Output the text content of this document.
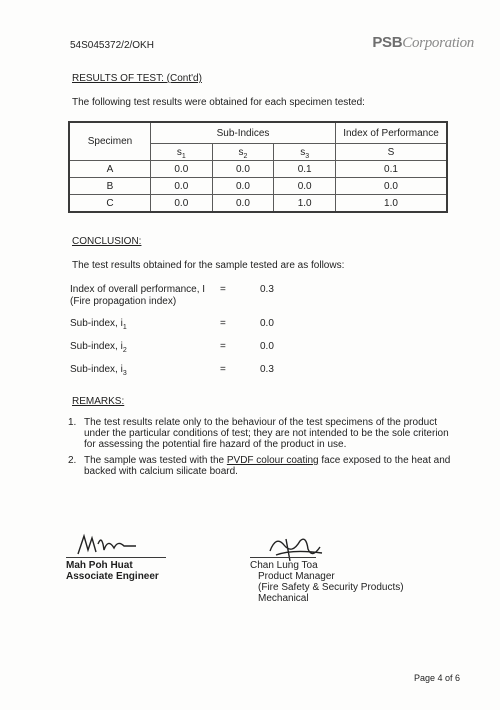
54S045372/2/OKH	PSBCorporation
RESULTS OF TEST: (Cont'd)
The following test results were obtained for each specimen tested:
Specimen	Sub-Indices			Index of Performance
	$s_1$	$s_2$	$s_3$	S
A	0.0	0.0	0.1	0.1
B	0.0	0.0	0.0	0.0
C	0.0	0.0	1.0	1.0
CONCLUSION:
The test results obtained for the sample tested are as follows:
Index of overall performance, I
(Fire propagation index)
=	0.3
Sub-index, $i_1$	=	0.0
Sub-index, $i_2$	=	0.0
Sub-index, $i_3$	=	0.3
REMARKS:
1. The test results relate only to the behaviour of the test specimens of the product under the particular conditions of test; they are not intended to be the sole criterion for assessing the potential fire hazard of the product in use.
2. The sample was tested with the PVDF colour coating face exposed to the heat and backed with calcium silicate board.
Mah Poh Huat
Associate Engineer
Chan Lung Toa
Product Manager
(Fire Safety & Security Products)
Mechanical
Page 4 of 6
